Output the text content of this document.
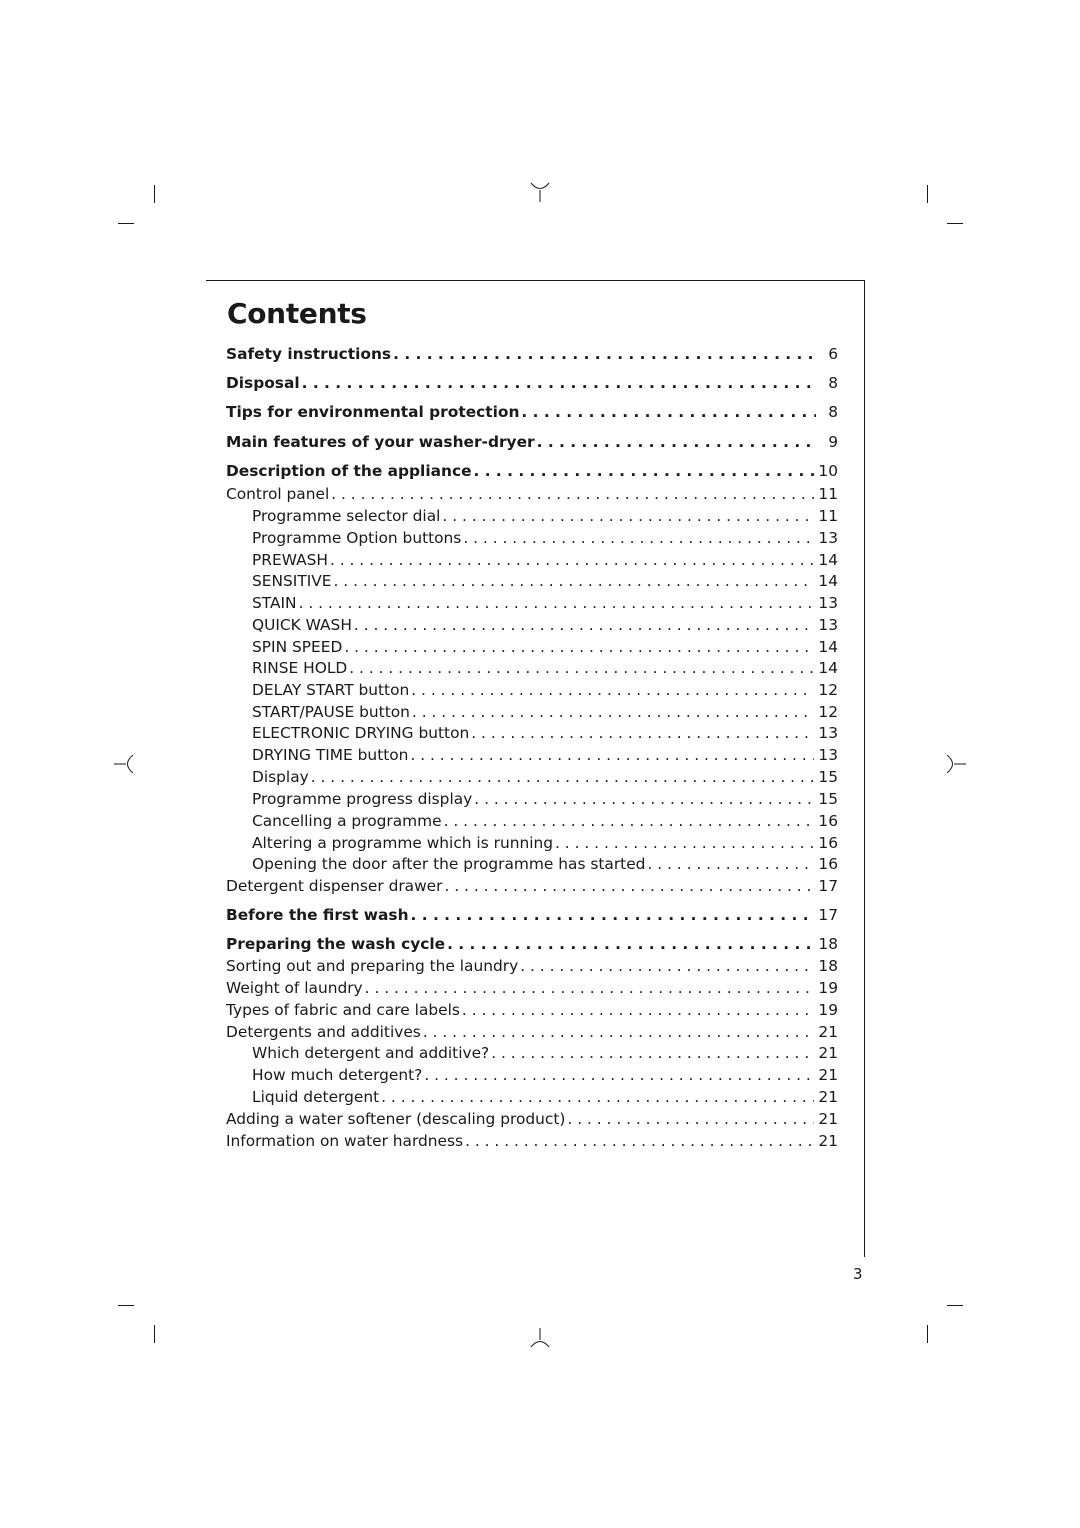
Contents
Safety instructions . . .	6
Disposal . . .	8
Tips for environmental protection . . .	8
Main features of your washer-dryer . . .	9
Description of the appliance . . .	10
Control panel . . .	11
Programme selector dial . . .	11
Programme Option buttons . . .	13
PREWASH . . .	14
SENSITIVE . . .	14
STAIN . . .	13
QUICK WASH . . .	13
SPIN SPEED . . .	14
RINSE HOLD . . .	14
DELAY START button . . .	12
START/PAUSE button . . .	12
ELECTRONIC DRYING button . . .	13
DRYING TIME button . . .	13
Display . . .	15
Programme progress display . . .	15
Cancelling a programme . . .	16
Altering a programme which is running . . .	16
Opening the door after the programme has started . . .	16
Detergent dispenser drawer . . .	17
Before the first wash . . .	17
Preparing the wash cycle . . .	18
Sorting out and preparing the laundry . . .	18
Weight of laundry . . .	19
Types of fabric and care labels . . .	19
Detergents and additives . . .	21
Which detergent and additive? . . .	21
How much detergent? . . .	21
Liquid detergent . . .	21
Adding a water softener (descaling product) . . .	21
Information on water hardness . . .	21
3
